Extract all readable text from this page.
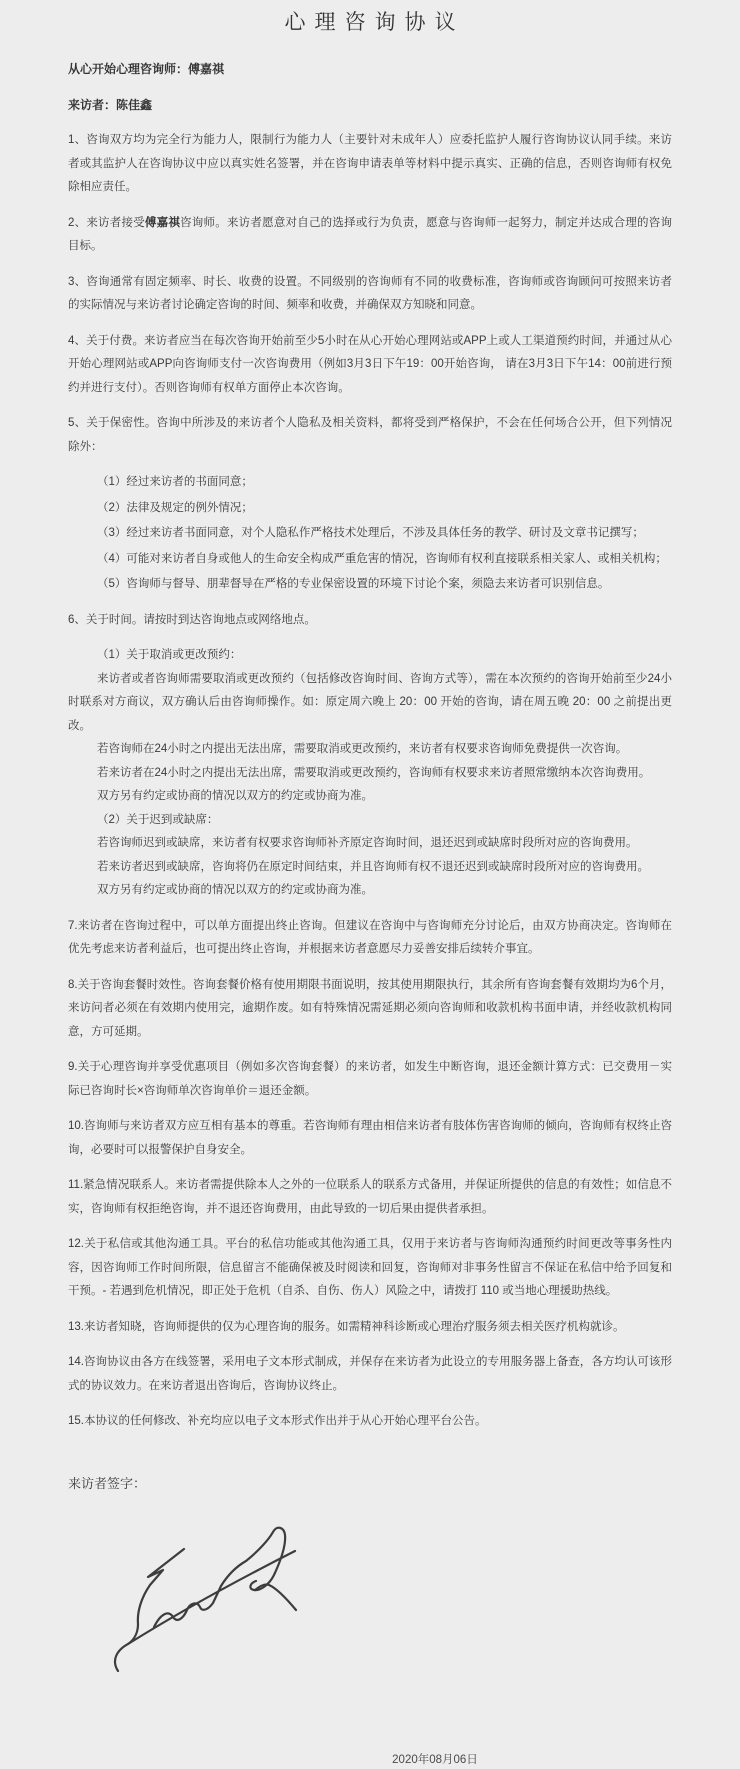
心理咨询协议
从心开始心理咨询师：傅嘉祺
来访者：陈佳鑫

1、咨询双方均为完全行为能力人，限制行为能力人（主要针对未成年人）应委托监护人履行咨询协议认同手续。来访者或其监护人在咨询协议中应以真实姓名签署，并在咨询申请表单等材料中提示真实、正确的信息，否则咨询师有权免除相应责任。

2、来访者接受傅嘉祺咨询师。来访者愿意对自己的选择或行为负责，愿意与咨询师一起努力，制定并达成合理的咨询目标。

3、咨询通常有固定频率、时长、收费的设置。不同级别的咨询师有不同的收费标准，咨询师或咨询顾问可按照来访者的实际情况与来访者讨论确定咨询的时间、频率和收费，并确保双方知晓和同意。

4、关于付费。来访者应当在每次咨询开始前至少5小时在从心开始心理网站或APP上或人工渠道预约时间，并通过从心开始心理网站或APP向咨询师支付一次咨询费用（例如3月3日下午19：00开始咨询， 请在3月3日下午14：00前进行预约并进行支付）。否则咨询师有权单方面停止本次咨询。

5、关于保密性。咨询中所涉及的来访者个人隐私及相关资料，都将受到严格保护，不会在任何场合公开，但下列情况除外：

（1）经过来访者的书面同意；

（2）法律及规定的例外情况；

（3）经过来访者书面同意，对个人隐私作严格技术处理后，不涉及具体任务的教学、研讨及文章书记撰写；

（4）可能对来访者自身或他人的生命安全构成严重危害的情况，咨询师有权利直接联系相关家人、或相关机构；

（5）咨询师与督导、朋辈督导在严格的专业保密设置的环境下讨论个案，须隐去来访者可识别信息。

6、关于时间。请按时到达咨询地点或网络地点。

（1）关于取消或更改预约：

来访者或者咨询师需要取消或更改预约（包括修改咨询时间、咨询方式等），需在本次预约的咨询开始前至少24小时联系对方商议，双方确认后由咨询师操作。如：原定周六晚上 20：00 开始的咨询，请在周五晚 20：00 之前提出更改。

若咨询师在24小时之内提出无法出席，需要取消或更改预约，来访者有权要求咨询师免费提供一次咨询。

若来访者在24小时之内提出无法出席，需要取消或更改预约，咨询师有权要求来访者照常缴纳本次咨询费用。

双方另有约定或协商的情况以双方的约定或协商为准。

（2）关于迟到或缺席：

若咨询师迟到或缺席，来访者有权要求咨询师补齐原定咨询时间，退还迟到或缺席时段所对应的咨询费用。

若来访者迟到或缺席，咨询将仍在原定时间结束，并且咨询师有权不退还迟到或缺席时段所对应的咨询费用。

双方另有约定或协商的情况以双方的约定或协商为准。

7.来访者在咨询过程中，可以单方面提出终止咨询。但建议在咨询中与咨询师充分讨论后，由双方协商决定。咨询师在优先考虑来访者利益后，也可提出终止咨询，并根据来访者意愿尽力妥善安排后续转介事宜。

8.关于咨询套餐时效性。咨询套餐价格有使用期限书面说明，按其使用期限执行，其余所有咨询套餐有效期均为6个月，来访问者必须在有效期内使用完，逾期作废。如有特殊情况需延期必须向咨询师和收款机构书面申请，并经收款机构同意，方可延期。

9.关于心理咨询并享受优惠项目（例如多次咨询套餐）的来访者，如发生中断咨询，退还金额计算方式：已交费用－实际已咨询时长×咨询师单次咨询单价＝退还金额。

10.咨询师与来访者双方应互相有基本的尊重。若咨询师有理由相信来访者有肢体伤害咨询师的倾向，咨询师有权终止咨询，必要时可以报警保护自身安全。

11.紧急情况联系人。来访者需提供除本人之外的一位联系人的联系方式备用，并保证所提供的信息的有效性；如信息不实，咨询师有权拒绝咨询，并不退还咨询费用，由此导致的一切后果由提供者承担。

12.关于私信或其他沟通工具。平台的私信功能或其他沟通工具，仅用于来访者与咨询师沟通预约时间更改等事务性内容，因咨询师工作时间所限，信息留言不能确保被及时阅读和回复，咨询师对非事务性留言不保证在私信中给予回复和干预。- 若遇到危机情况，即正处于危机（自杀、自伤、伤人）风险之中，请拨打 110 或当地心理援助热线。

13.来访者知晓，咨询师提供的仅为心理咨询的服务。如需精神科诊断或心理治疗服务须去相关医疗机构就诊。

14.咨询协议由各方在线签署，采用电子文本形式制成，并保存在来访者为此设立的专用服务器上备查，各方均认可该形式的协议效力。在来访者退出咨询后，咨询协议终止。

15.本协议的任何修改、补充均应以电子文本形式作出并于从心开始心理平台公告。

来访者签字：
2020年08月06日
